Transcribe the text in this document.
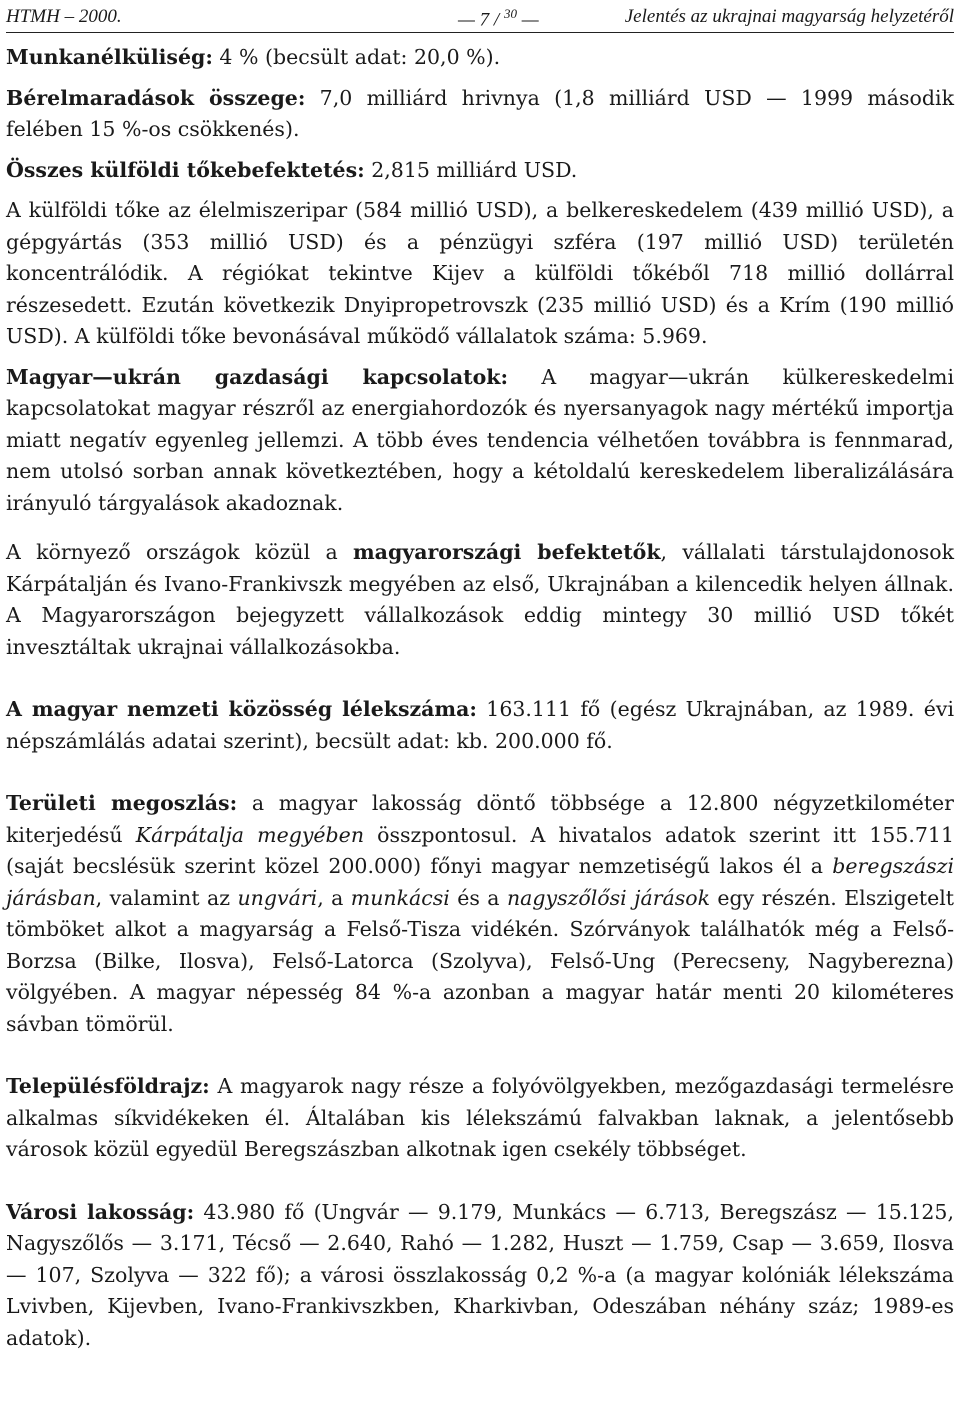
HTMH – 2000.	— 7 / $^{30}$ —	Jelentés az ukrajnai magyarság helyzetéről

Munkanélküliség: 4 % (becsült adat: 20,0 %).

Bérelmaradások összege: 7,0 milliárd hrivnya (1,8 milliárd USD — 1999 második felében 15 %-os csökkenés).

Összes külföldi tőkebefektetés: 2,815 milliárd USD.

A külföldi tőke az élelmiszeripar (584 millió USD), a belkereskedelem (439 millió USD), a gépgyártás (353 millió USD) és a pénzügyi szféra (197 millió USD) területén koncentrálódik. A régiókat tekintve Kijev a külföldi tőkéből 718 millió dollárral részesedett. Ezután következik Dnyipropetrovszk (235 millió USD) és a Krím (190 millió USD). A külföldi tőke bevonásával működő vállalatok száma: 5.969.

Magyar—ukrán gazdasági kapcsolatok: A magyar—ukrán külkereskedelmi kapcsolatokat magyar részről az energiahordozók és nyersanyagok nagy mértékű importja miatt negatív egyenleg jellemzi. A több éves tendencia vélhetően továbbra is fennmarad, nem utolsó sorban annak következtében, hogy a kétoldalú kereskedelem liberalizálására irányuló tárgyalások akadoznak.

A környező országok közül a magyarországi befektetők, vállalati társtulajdonosok Kárpátalján és Ivano-Frankivszk megyében az első, Ukrajnában a kilencedik helyen állnak. A Magyarországon bejegyzett vállalkozások eddig mintegy 30 millió USD tőkét invesztáltak ukrajnai vállalkozásokba.

A magyar nemzeti közösség lélekszáma: 163.111 fő (egész Ukrajnában, az 1989. évi népszámlálás adatai szerint), becsült adat: kb. 200.000 fő.

Területi megoszlás: a magyar lakosság döntő többsége a 12.800 négyzetkilométer kiterjedésű Kárpátalja megyében összpontosul. A hivatalos adatok szerint itt 155.711 (saját becslésük szerint közel 200.000) főnyi magyar nemzetiségű lakos él a beregszászi járásban, valamint az ungvári, a munkácsi és a nagyszőlősi járások egy részén. Elszigetelt tömböket alkot a magyarság a Felső-Tisza vidékén. Szórványok találhatók még a Felső-Borzsa (Bilke, Ilosva), Felső-Latorca (Szolyva), Felső-Ung (Perecseny, Nagyberezna) völgyében. A magyar népesség 84 %-a azonban a magyar határ menti 20 kilométeres sávban tömörül.

Településföldrajz: A magyarok nagy része a folyóvölgyekben, mezőgazdasági termelésre alkalmas síkvidékeken él. Általában kis lélekszámú falvakban laknak, a jelentősebb városok közül egyedül Beregszászban alkotnak igen csekély többséget.

Városi lakosság: 43.980 fő (Ungvár — 9.179, Munkács — 6.713, Beregszász — 15.125, Nagyszőlős — 3.171, Técső — 2.640, Rahó — 1.282, Huszt — 1.759, Csap — 3.659, Ilosva — 107, Szolyva — 322 fő); a városi összlakosság 0,2 %-a (a magyar kolóniák lélekszáma Lvivben, Kijevben, Ivano-Frankivszkben, Kharkivban, Odeszában néhány száz; 1989-es adatok).
